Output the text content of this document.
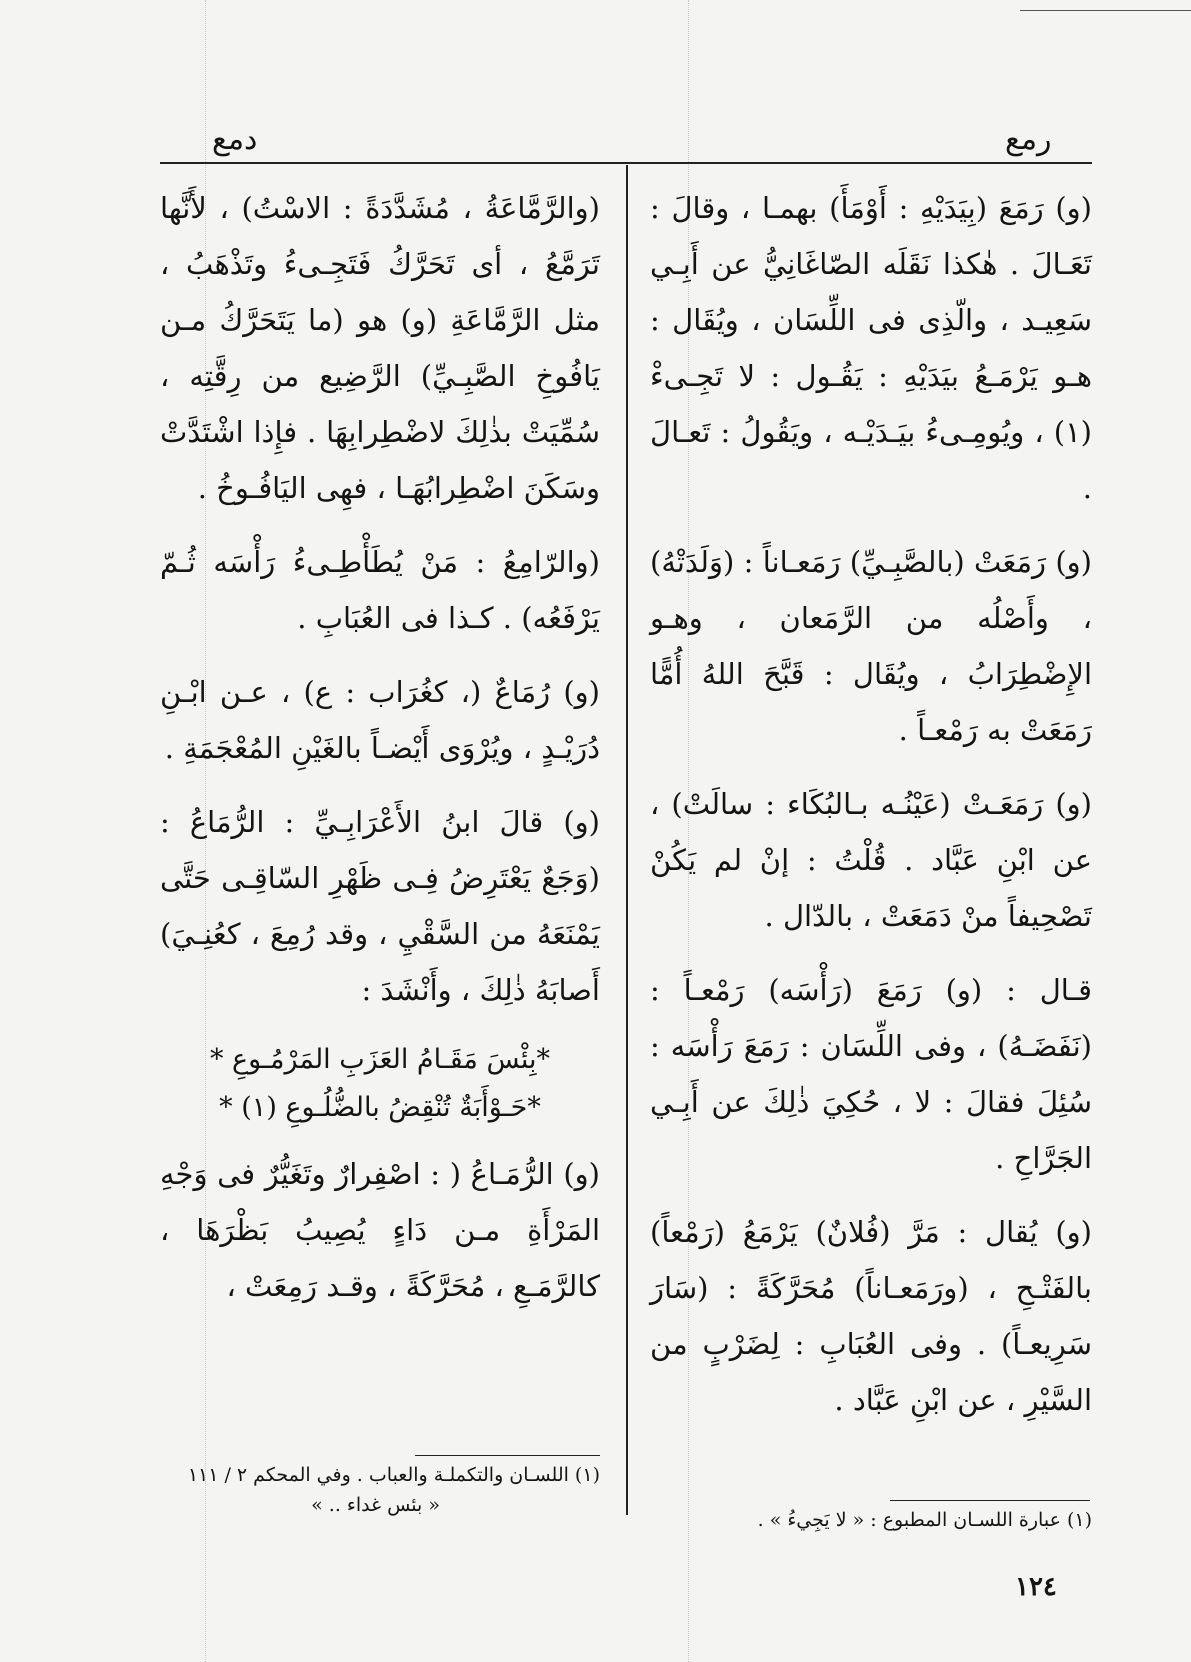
رمع
دمع

(و) رَمَعَ (بِيَدَيْهِ : أَوْمَأَ) بهمـا ، وقالَ : تَعَـالَ . هٰكذا نَقَلَه الصّاغَانِيُّ عن أَبِـي سَعِيـد ، والّذِى فى اللِّسَان ، ويُقَال : هـو يَرْمَـعُ بيَدَيْهِ : يَقُـول : لا تَجِـىءْ (١) ، ويُومِـىءُ بيَـدَيْـه ، ويَقُولُ : تَعـالَ .

(و) رَمَعَتْ (بالصَّبِـيِّ) رَمَعـاناً : (وَلَدَتْهُ) ، وأَصْلُه من الرَّمَعان ، وهـو الإِضْطِرَابُ ، ويُقَال : قَبَّحَ اللهُ أُمًّا رَمَعَتْ به رَمْعـاً .

(و) رَمَعَـتْ (عَيْنُـه بـالبُكَاء : سالَتْ) ، عن ابْنِ عَبَّاد . قُلْتُ : إنْ لم يَكُنْ تَصْحِيفاً منْ دَمَعَتْ ، بالدّال .

قـال : (و) رَمَعَ (رَأْسَه) رَمْعـاً : (نَفَضَـهُ) ، وفى اللِّسَان : رَمَعَ رَأْسَه : سُئِلَ فقالَ : لا ، حُكِيَ ذٰلِكَ عن أَبِـي الجَرَّاحِ .

(و) يُقال : مَرَّ (فُلانٌ) يَرْمَعُ (رَمْعاً) بالفَتْـحِ ، (ورَمَعـاناً) مُحَرَّكَةً : (سَارَ سَرِيعـاً) . وفى العُبَابِ : لِضَرْبٍ من السَّيْرِ ، عن ابْنِ عَبَّاد .

(والرَّمَّاعَةُ ، مُشَدَّدَةً : الاسْتُ) ، لأَنَّها تَرَمَّعُ ، أى تَحَرَّكُ فَتَجِـىءُ وتَذْهَبُ ، مثل الرَّمَّاعَةِ (و) هو (ما يَتَحَرَّكُ مـن يَافُوخِ الصَّبِـيِّ) الرَّضِيع من رِقَّتِه ، سُمِّيَتْ بذٰلِكَ لاضْطِرابِهَا . فإِذا اشْتَدَّتْ وسَكَنَ اضْطِرابُهَـا ، فهِى اليَافُـوخُ .

(والرّامِعُ : مَنْ يُطَأْطِـىءُ رَأْسَه ثُـمّ يَرْفَعُه) . كـذا فى العُبَابِ .

(و) رُمَاعٌ (، كغُرَاب : ع) ، عـن ابْـنِ دُرَيْـدٍ ، ويُرْوَى أَيْضـاً بالغَيْنِ المُعْجَمَةِ .

(و) قالَ ابنُ الأَعْرَابِـيِّ : الرُّمَاعُ : (وَجَعٌ يَعْتَرِضُ فِـى ظَهْرِ السّاقِـى حَتَّى يَمْنَعَهُ من السَّقْيِ ، وقد رُمِعَ ، كعُنِـيَ) أَصابَهُ ذٰلِكَ ، وأَنْشَدَ :

*بِئْسَ مَقَـامُ العَزَبِ المَرْمُـوعِ *
*حَـوْأَبَةٌ تُنْقِضُ بالضُّلُـوعِ (١) *

(و) الرُّمَـاعُ ( : اصْفِرارٌ وتَغَيُّرٌ فى وَجْهِ المَرْأَةِ مـن دَاءٍ يُصِيبُ بَظْرَهَا ، كالرَّمَـعِ ، مُحَرَّكَةً ، وقـد رَمِعَتْ ،

(١) عبارة اللسـان المطبوع : « لا يَجِيءُ » .
(١) اللسـان والتكملـة والعباب . وفي المحكم ٢ / ١١١
« بئس غداء .. »
١٢٤
